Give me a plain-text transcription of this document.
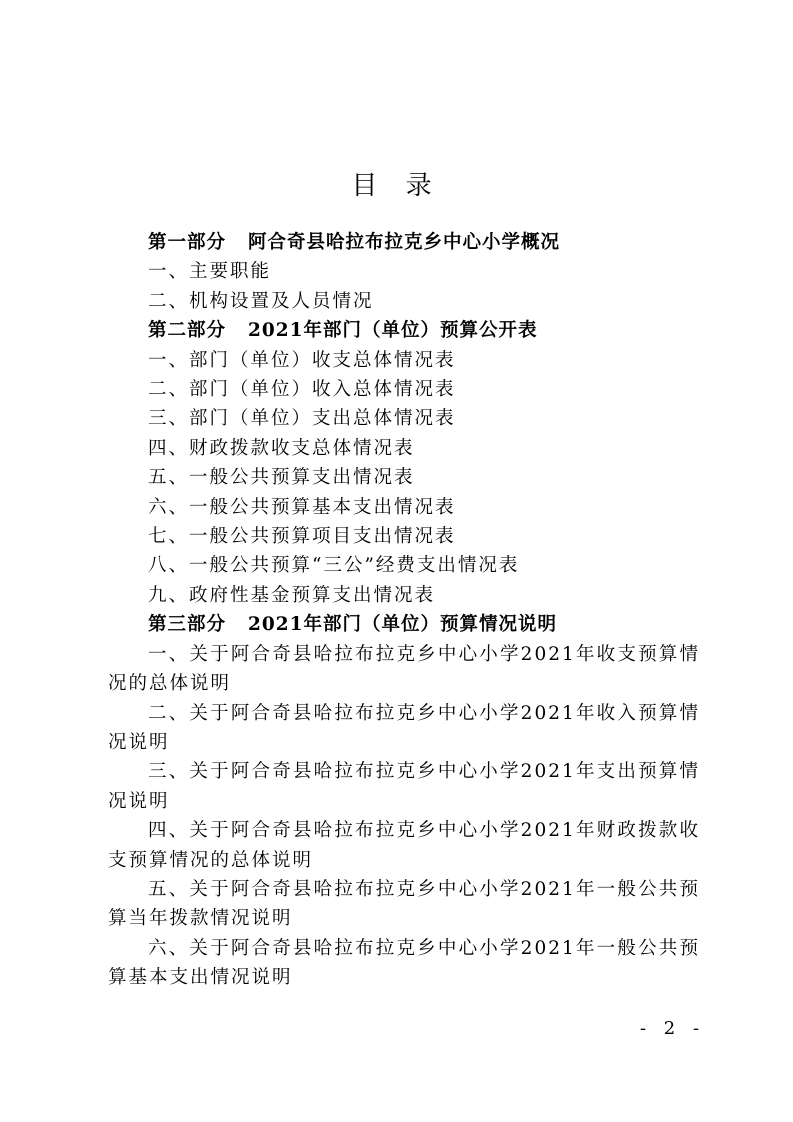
目 录
第一部分 阿合奇县哈拉布拉克乡中心小学概况
一、主要职能
二、机构设置及人员情况
第二部分 2021年部门（单位）预算公开表
一、部门（单位）收支总体情况表
二、部门（单位）收入总体情况表
三、部门（单位）支出总体情况表
四、财政拨款收支总体情况表
五、一般公共预算支出情况表
六、一般公共预算基本支出情况表
七、一般公共预算项目支出情况表
八、一般公共预算“三公”经费支出情况表
九、政府性基金预算支出情况表
第三部分 2021年部门（单位）预算情况说明
一、关于阿合奇县哈拉布拉克乡中心小学2021年收支预算情况的总体说明
二、关于阿合奇县哈拉布拉克乡中心小学2021年收入预算情况说明
三、关于阿合奇县哈拉布拉克乡中心小学2021年支出预算情况说明
四、关于阿合奇县哈拉布拉克乡中心小学2021年财政拨款收支预算情况的总体说明
五、关于阿合奇县哈拉布拉克乡中心小学2021年一般公共预算当年拨款情况说明
六、关于阿合奇县哈拉布拉克乡中心小学2021年一般公共预算基本支出情况说明
- 2 -
